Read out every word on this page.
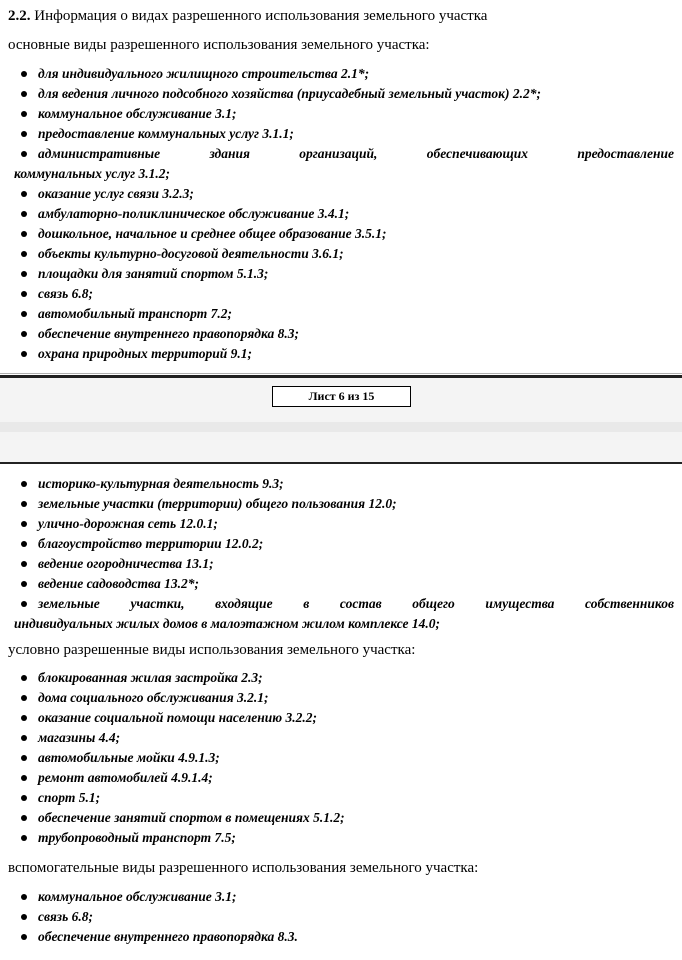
2.2. Информация о видах разрешенного использования земельного участка
основные виды разрешенного использования земельного участка:
для индивидуального жилищного строительства 2.1*;
для ведения личного подсобного хозяйства (приусадебный земельный участок) 2.2*;
коммунальное обслуживание 3.1;
предоставление коммунальных услуг 3.1.1;
административные	здания	организаций,	обеспечивающих	предоставление
коммунальных услуг 3.1.2;
оказание услуг связи 3.2.3;
амбулаторно-поликлиническое обслуживание 3.4.1;
дошкольное, начальное и среднее общее образование 3.5.1;
объекты культурно-досуговой деятельности 3.6.1;
площадки для занятий спортом 5.1.3;
связь 6.8;
автомобильный транспорт 7.2;
обеспечение внутреннего правопорядка 8.3;
охрана природных территорий 9.1;
Лист 6 из 15
историко-культурная деятельность 9.3;
земельные участки (территории) общего пользования 12.0;
улично-дорожная сеть 12.0.1;
благоустройство территории 12.0.2;
ведение огородничества 13.1;
ведение садоводства 13.2*;
земельные участки, входящие в состав общего имущества собственников
индивидуальных жилых домов в малоэтажном жилом комплексе 14.0;
условно разрешенные виды использования земельного участка:
блокированная жилая застройка 2.3;
дома социального обслуживания 3.2.1;
оказание социальной помощи населению 3.2.2;
магазины 4.4;
автомобильные мойки 4.9.1.3;
ремонт автомобилей 4.9.1.4;
спорт 5.1;
обеспечение занятий спортом в помещениях 5.1.2;
трубопроводный транспорт 7.5;
вспомогательные виды разрешенного использования земельного участка:
коммунальное обслуживание 3.1;
связь 6.8;
обеспечение внутреннего правопорядка 8.3.
